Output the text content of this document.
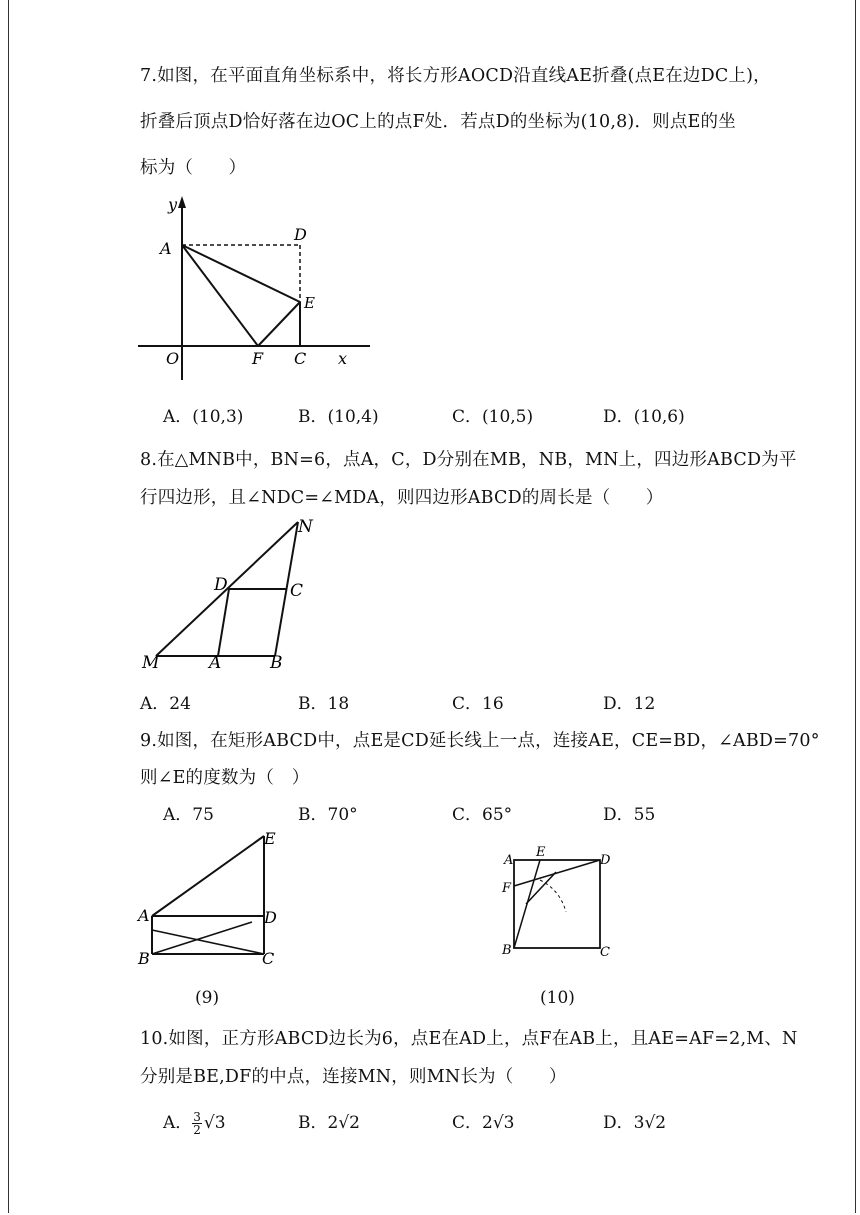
7.如图，在平面直角坐标系中，将长方形AOCD沿直线AE折叠(点E在边DC上)，
折叠后顶点D恰好落在边OC上的点F处．若点D的坐标为(10,8)．则点E的坐
标为（　　）
y
A
D
E
O	F C x
A．(10,3)	B．(10,4)	C．(10,5)	D．(10,6)
8.在△MNB中，BN=6，点A，C，D分别在MB，NB，MN上，四边形ABCD为平
行四边形，且∠NDC=∠MDA，则四边形ABCD的周长是（　　）
N
D	C
M	A	B
A．24	B．18	C．16	D．12
9.如图，在矩形ABCD中，点E是CD延长线上一点，连接AE，CE=BD，∠ABD=70°
则∠E的度数为（　）
A．75	B．70°	C．65°	D．55
E
A	D
B	C
(9)
A
E
D
F
B	C
(10)
10.如图，正方形ABCD边长为6，点E在AD上，点F在AB上，且AE=AF=2,M、N
分别是BE,DF的中点，连接MN，则MN长为（　　）
A． $\frac{3}{2} √3$	B．2√2	C．2√3	D．3√2
